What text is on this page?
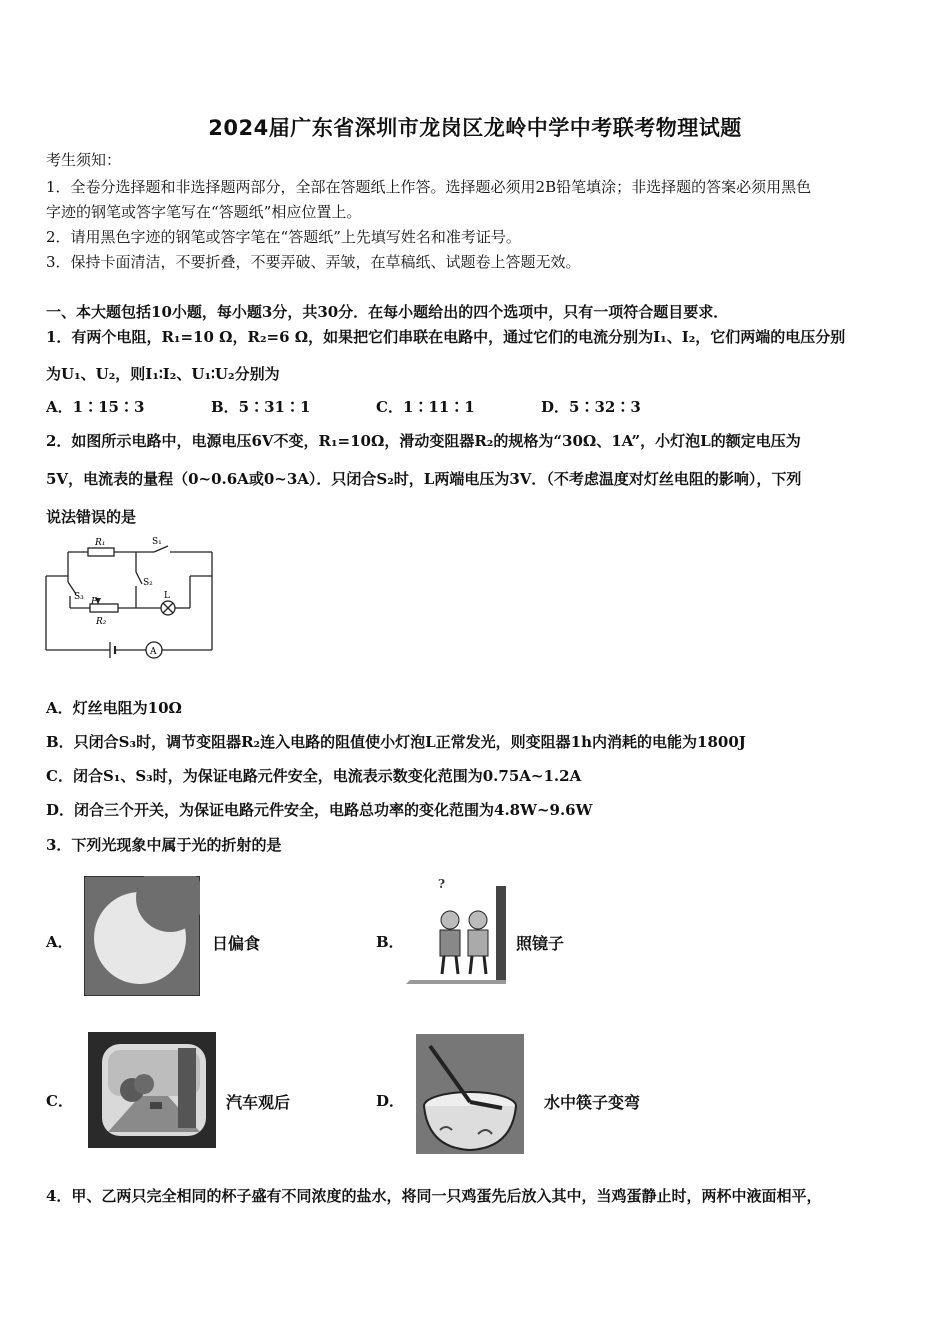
2024届广东省深圳市龙岗区龙岭中学中考联考物理试题
考生须知：
1．全卷分选择题和非选择题两部分，全部在答题纸上作答。选择题必须用2B铅笔填涂；非选择题的答案必须用黑色
字迹的钢笔或答字笔写在“答题纸”相应位置上。
2．请用黑色字迹的钢笔或答字笔在“答题纸”上先填写姓名和准考证号。
3．保持卡面清洁，不要折叠，不要弄破、弄皱，在草稿纸、试题卷上答题无效。
一、本大题包括10小题，每小题3分，共30分．在每小题给出的四个选项中，只有一项符合题目要求．
1．有两个电阻，R₁=10 Ω，R₂=6 Ω，如果把它们串联在电路中，通过它们的电流分别为I₁、I₂，它们两端的电压分别
为U₁、U₂，则I₁∶I₂、U₁∶U₂分别为
A．1∶15∶3	B．5∶31∶1	C．1∶11∶1	D．5∶32∶3
2．如图所示电路中，电源电压6V不变，R₁=10Ω，滑动变阻器R₂的规格为“30Ω、1A”，小灯泡L的额定电压为
5V，电流表的量程（0~0.6A或0~3A）．只闭合S₂时，L两端电压为3V．（不考虑温度对灯丝电阻的影响），下列
说法错误的是
R₁	S₁
S₂
S₃ P
R₂
L
A
A．灯丝电阻为10Ω
B．只闭合S₃时，调节变阻器R₂连入电路的阻值使小灯泡L正常发光，则变阻器1h内消耗的电能为1800J
C．闭合S₁、S₃时，为保证电路元件安全，电流表示数变化范围为0.75A~1.2A
D．闭合三个开关，为保证电路元件安全，电路总功率的变化范围为4.8W~9.6W
3．下列光现象中属于光的折射的是
A．	日偏食	B．
?
照镜子
C．	汽车观后	D．	水中筷子变弯
4．甲、乙两只完全相同的杯子盛有不同浓度的盐水，将同一只鸡蛋先后放入其中，当鸡蛋静止时，两杯中液面相平，
